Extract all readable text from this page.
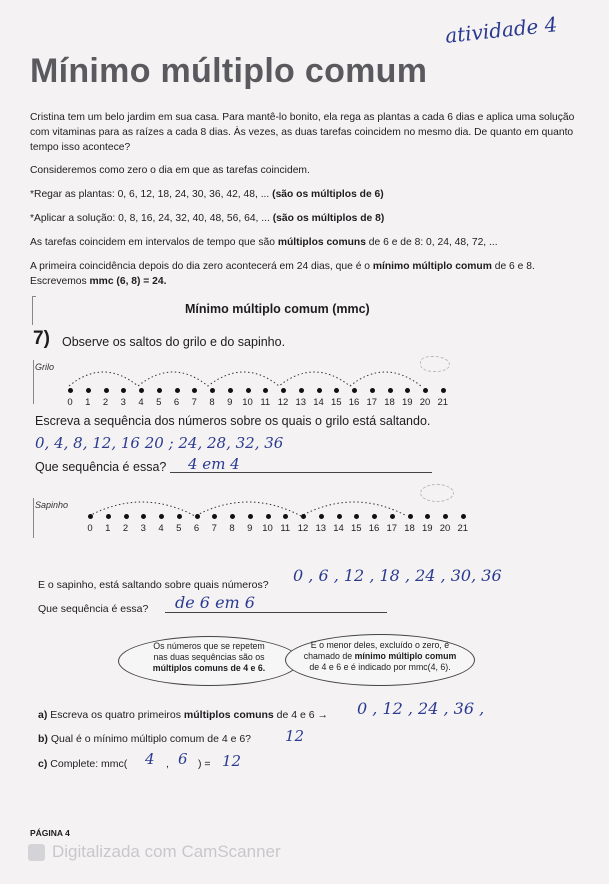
atividade 4
Mínimo múltiplo comum
Cristina tem um belo jardim em sua casa. Para mantê-lo bonito, ela rega as plantas a cada 6 dias e aplica uma solução com vitaminas para as raízes a cada 8 dias. Às vezes, as duas tarefas coincidem no mesmo dia. De quanto em quanto tempo isso acontece?
Consideremos como zero o dia em que as tarefas coincidem.
*Regar as plantas: 0, 6, 12, 18, 24, 30, 36, 42, 48, ... (são os múltiplos de 6)
*Aplicar a solução: 0, 8, 16, 24, 32, 40, 48, 56, 64, ... (são os múltiplos de 8)
As tarefas coincidem em intervalos de tempo que são múltiplos comuns de 6 e de 8: 0, 24, 48, 72, ...
A primeira coincidência depois do dia zero acontecerá em 24 dias, que é o mínimo múltiplo comum de 6 e 8.
Escrevemos mmc (6, 8) = 24.
Mínimo múltiplo comum (mmc)
7) Observe os saltos do grilo e do sapinho.
Grilo
0	1	2	3	4	5	6	7	8	9	10 11 12 13 14 15 16 17 18 19 20 21
Escreva a sequência dos números sobre os quais o grilo está saltando.
0, 4, 8, 12, 16 20 ; 24, 28, 32, 36
Que sequência é essa? 4 em 4
Sapinho
0	1	2	3	4	5	6	7	8	9	10 11 12 13 14 15 16 17 18 19 20 21
E o sapinho, está saltando sobre quais números? 0 , 6 , 12 , 18 , 24 , 30, 36
Que sequência é essa? de 6 em 6
Os números que se repetem
nas duas sequências são os
múltiplos comuns de 4 e 6.
E o menor deles, excluído o zero, é
chamado de mínimo múltiplo comum
de 4 e 6 e é indicado por mmc(4, 6).
a) Escreva os quatro primeiros múltiplos comuns de 4 e 6 → 0 , 12 , 24 , 36 ,
b) Qual é o mínimo múltiplo comum de 4 e 6? 12
c) Complete: mmc( 4 , 6 ) = 12
PÁGINA 4
Digitalizada com CamScanner
